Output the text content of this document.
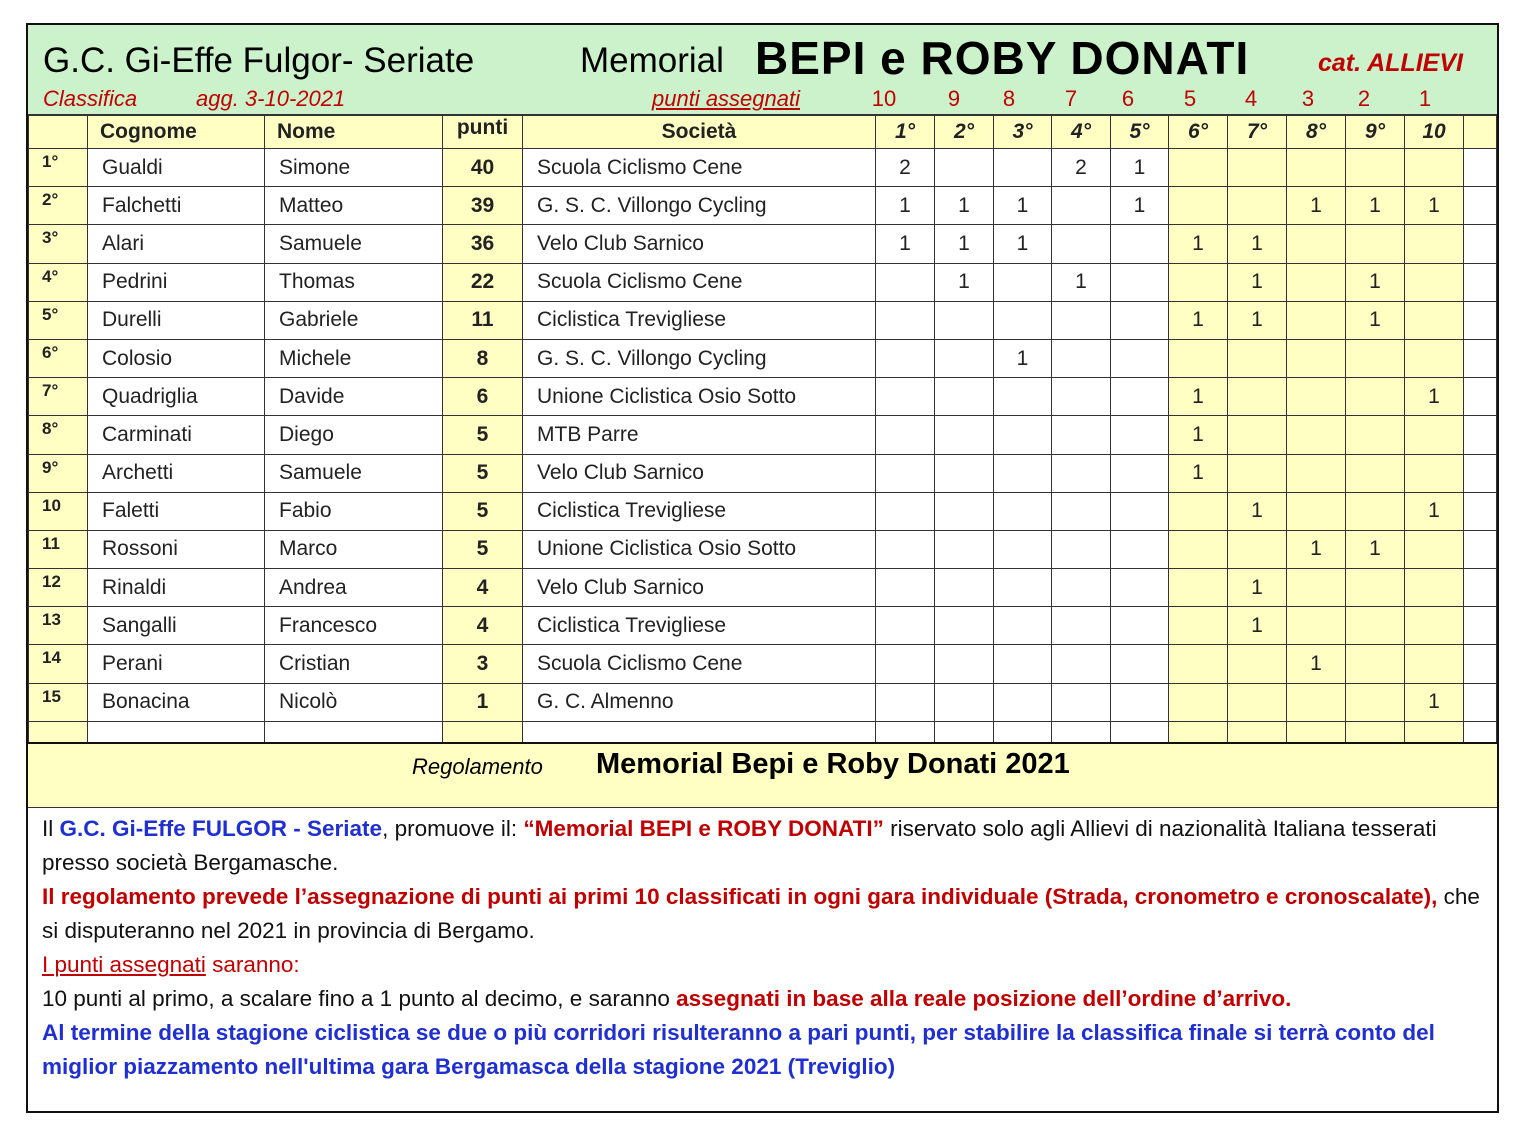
G.C. Gi-Effe Fulgor- Seriate	Memorial BEPI e ROBY DONATI	cat. ALLIEVI
Classifica	agg. 3-10-2021	punti assegnati	10	9	8	7	6	5	4	3	2	1
	Cognome	Nome	punti	Società	1°	2°	3°	4°	5°	6°	7°	8°	9°	10	
1°	Gualdi	Simone	40	Scuola Ciclismo Cene	2			2	1						
2°	Falchetti	Matteo	39	G. S. C. Villongo Cycling	1	1	1		1			1	1	1	
3°	Alari	Samuele	36	Velo Club Sarnico	1	1	1			1	1				
4°	Pedrini	Thomas	22	Scuola Ciclismo Cene		1		1			1		1		
5°	Durelli	Gabriele	11	Ciclistica Trevigliese						1	1		1		
6°	Colosio	Michele	8	G. S. C. Villongo Cycling			1								
7°	Quadriglia	Davide	6	Unione Ciclistica Osio Sotto						1				1	
8°	Carminati	Diego	5	MTB Parre						1					
9°	Archetti	Samuele	5	Velo Club Sarnico						1					
10	Faletti	Fabio	5	Ciclistica Trevigliese							1			1	
11	Rossoni	Marco	5	Unione Ciclistica Osio Sotto								1	1		
12	Rinaldi	Andrea	4	Velo Club Sarnico							1				
13	Sangalli	Francesco	4	Ciclistica Trevigliese							1				
14	Perani	Cristian	3	Scuola Ciclismo Cene								1			
15	Bonacina	Nicolò	1	G. C. Almenno										1	

Regolamento Memorial Bepi e Roby Donati 2021
Il G.C. Gi-Effe FULGOR - Seriate, promuove il: “Memorial BEPI e ROBY DONATI” riservato solo agli Allievi di nazionalità Italiana tesserati presso società Bergamasche.
Il regolamento prevede l’assegnazione di punti ai primi 10 classificati in ogni gara individuale (Strada, cronometro e cronoscalate), che si disputeranno nel 2021 in provincia di Bergamo.
I punti assegnati saranno:
10 punti al primo, a scalare fino a 1 punto al decimo, e saranno assegnati in base alla reale posizione dell’ordine d’arrivo.
Al termine della stagione ciclistica se due o più corridori risulteranno a pari punti, per stabilire la classifica finale si terrà conto del miglior piazzamento nell'ultima gara Bergamasca della stagione 2021 (Treviglio)
